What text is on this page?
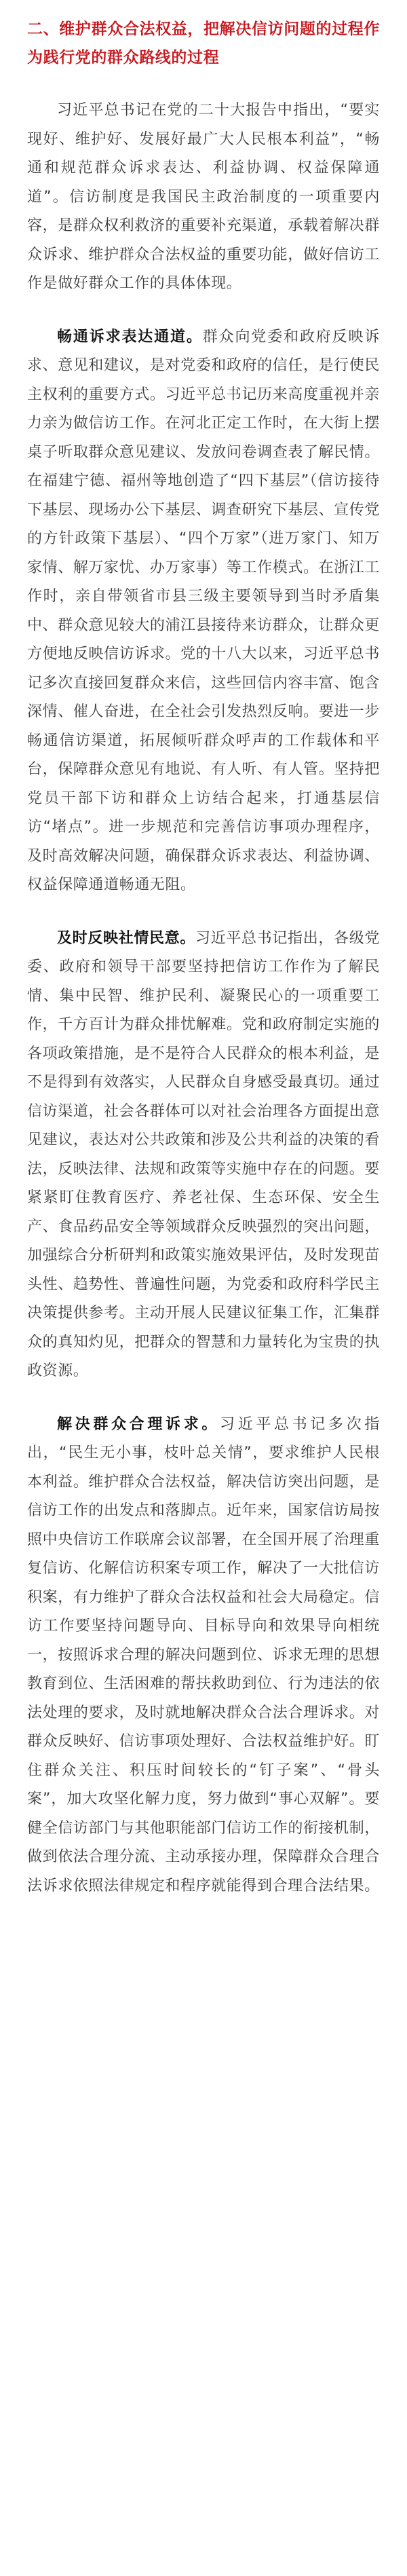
二、维护群众合法权益，把解决信访问题的过程作为践行党的群众路线的过程

习近平总书记在党的二十大报告中指出，“要实现好、维护好、发展好最广大人民根本利益”，“畅通和规范群众诉求表达、利益协调、权益保障通道”。信访制度是我国民主政治制度的一项重要内容，是群众权利救济的重要补充渠道，承载着解决群众诉求、维护群众合法权益的重要功能，做好信访工作是做好群众工作的具体体现。

畅通诉求表达通道。群众向党委和政府反映诉求、意见和建议，是对党委和政府的信任，是行使民主权利的重要方式。习近平总书记历来高度重视并亲力亲为做信访工作。在河北正定工作时，在大街上摆桌子听取群众意见建议、发放问卷调查表了解民情。在福建宁德、福州等地创造了“四下基层”（信访接待下基层、现场办公下基层、调查研究下基层、宣传党的方针政策下基层）、“四个万家”（进万家门、知万家情、解万家忧、办万家事）等工作模式。在浙江工作时，亲自带领省市县三级主要领导到当时矛盾集中、群众意见较大的浦江县接待来访群众，让群众更方便地反映信访诉求。党的十八大以来，习近平总书记多次直接回复群众来信，这些回信内容丰富、饱含深情、催人奋进，在全社会引发热烈反响。要进一步畅通信访渠道，拓展倾听群众呼声的工作载体和平台，保障群众意见有地说、有人听、有人管。坚持把党员干部下访和群众上访结合起来，打通基层信访“堵点”。进一步规范和完善信访事项办理程序，及时高效解决问题，确保群众诉求表达、利益协调、权益保障通道畅通无阻。

及时反映社情民意。习近平总书记指出，各级党委、政府和领导干部要坚持把信访工作作为了解民情、集中民智、维护民利、凝聚民心的一项重要工作，千方百计为群众排忧解难。党和政府制定实施的各项政策措施，是不是符合人民群众的根本利益，是不是得到有效落实，人民群众自身感受最真切。通过信访渠道，社会各群体可以对社会治理各方面提出意见建议，表达对公共政策和涉及公共利益的决策的看法，反映法律、法规和政策等实施中存在的问题。要紧紧盯住教育医疗、养老社保、生态环保、安全生产、食品药品安全等领域群众反映强烈的突出问题，加强综合分析研判和政策实施效果评估，及时发现苗头性、趋势性、普遍性问题，为党委和政府科学民主决策提供参考。主动开展人民建议征集工作，汇集群众的真知灼见，把群众的智慧和力量转化为宝贵的执政资源。

解决群众合理诉求。习近平总书记多次指出，“民生无小事，枝叶总关情”，要求维护人民根本利益。维护群众合法权益，解决信访突出问题，是信访工作的出发点和落脚点。近年来，国家信访局按照中央信访工作联席会议部署，在全国开展了治理重复信访、化解信访积案专项工作，解决了一大批信访积案，有力维护了群众合法权益和社会大局稳定。信访工作要坚持问题导向、目标导向和效果导向相统一，按照诉求合理的解决问题到位、诉求无理的思想教育到位、生活困难的帮扶救助到位、行为违法的依法处理的要求，及时就地解决群众合法合理诉求。对群众反映好、信访事项处理好、合法权益维护好。盯住群众关注、积压时间较长的“钉子案”、“骨头案”，加大攻坚化解力度，努力做到“事心双解”。要健全信访部门与其他职能部门信访工作的衔接机制，做到依法合理分流、主动承接办理，保障群众合理合法诉求依照法律规定和程序就能得到合理合法结果。
